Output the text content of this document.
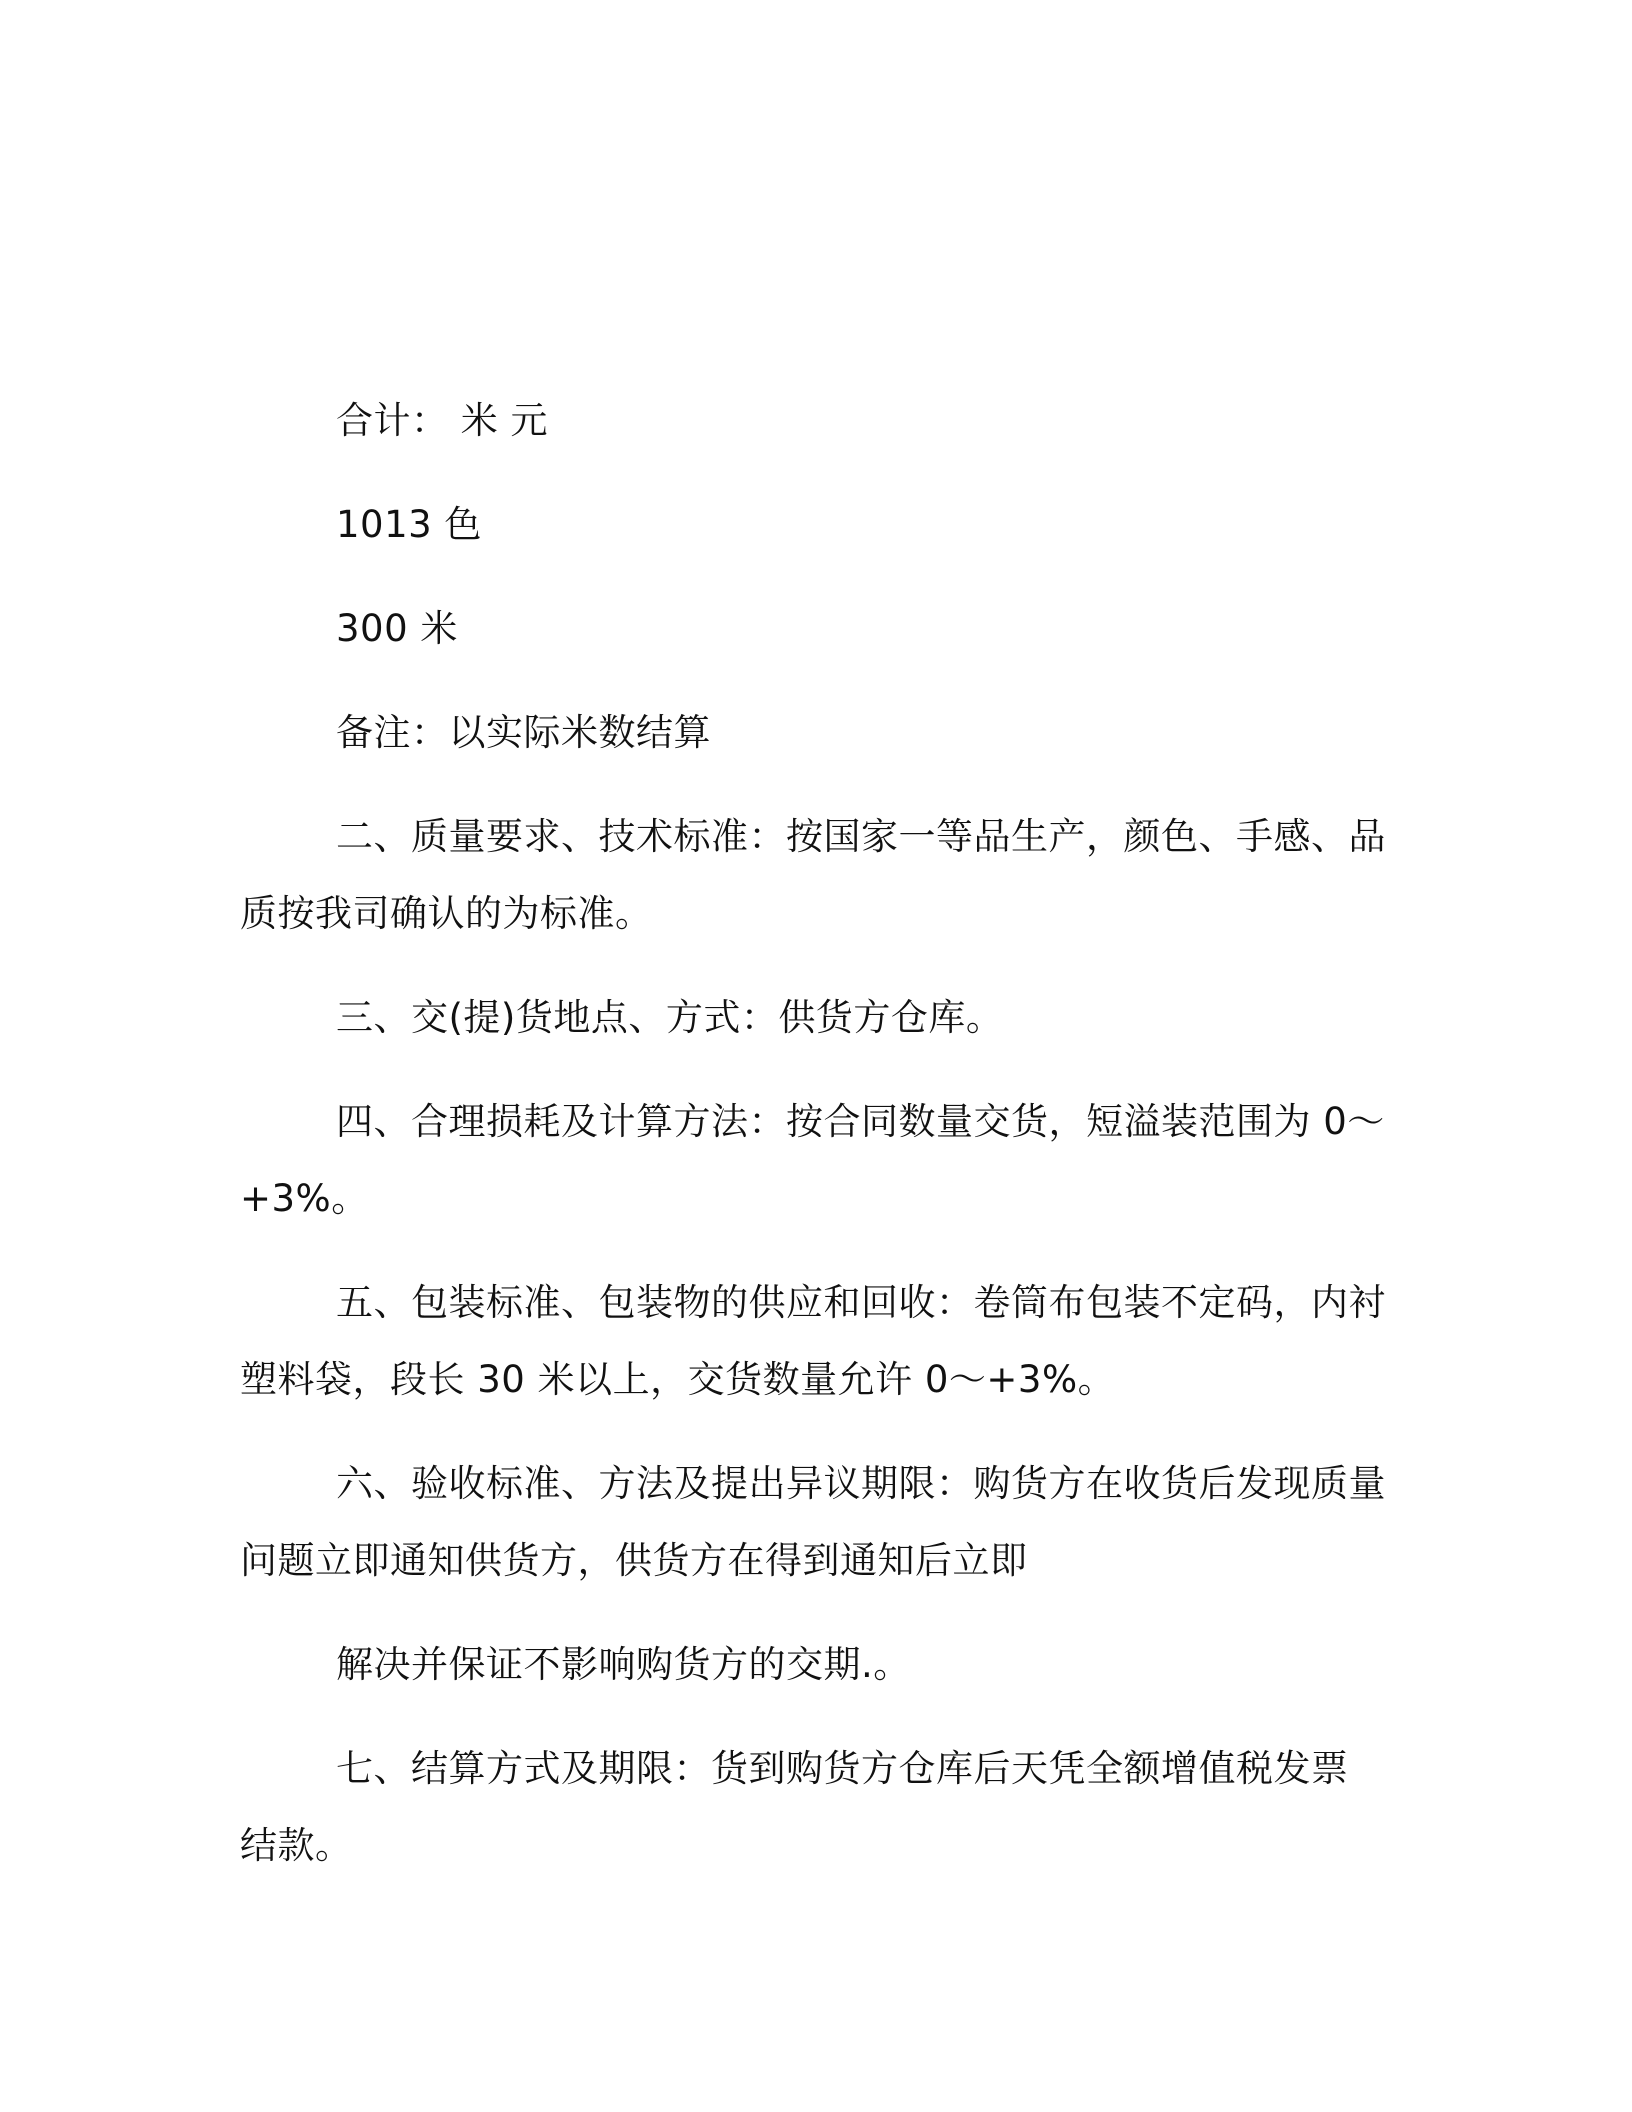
合计： 米 元

1013 色

300 米

备注：以实际米数结算

二、质量要求、技术标准：按国家一等品生产，颜色、手感、品质按我司确认的为标准。

三、交(提)货地点、方式：供货方仓库。

四、合理损耗及计算方法：按合同数量交货，短溢装范围为 0～+3%。

五、包装标准、包装物的供应和回收：卷筒布包装不定码，内衬塑料袋，段长 30 米以上，交货数量允许 0～+3%。

六、验收标准、方法及提出异议期限：购货方在收货后发现质量问题立即通知供货方，供货方在得到通知后立即

解决并保证不影响购货方的交期.。

七、结算方式及期限：货到购货方仓库后天凭全额增值税发票 结款。
